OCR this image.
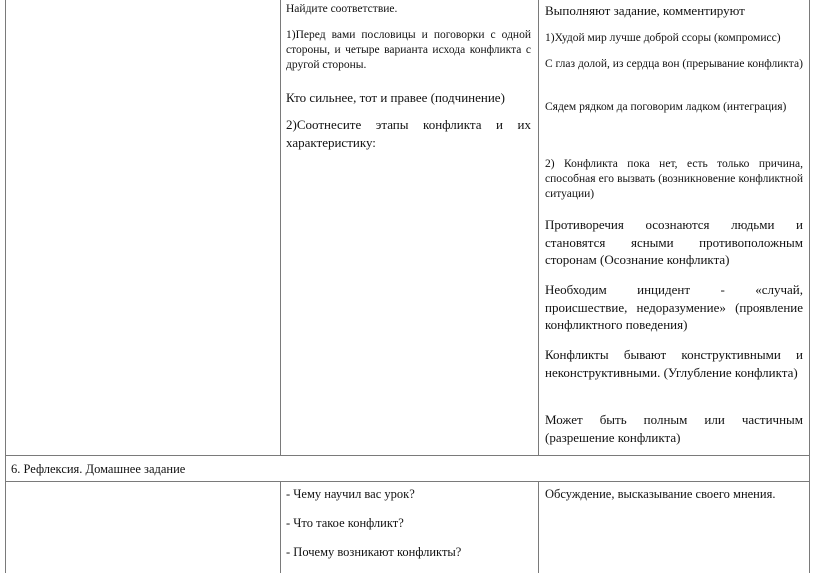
Найдите соответствие.
1)Перед вами пословицы и поговорки с одной стороны, и четыре варианта исхода конфликта с другой стороны.
Кто сильнее, тот и правее (подчинение)
2)Соотнесите этапы конфликта и их характеристику:
Выполняют задание, комментируют
1)Худой мир лучше доброй ссоры (компромисс)
С глаз долой, из сердца вон (прерывание конфликта)
Сядем рядком да поговорим ладком (интеграция)
2) Конфликта пока нет, есть только причина, способная его вызвать (возникновение конфликтной ситуации)
Противоречия осознаются людьми и становятся ясными противоположным сторонам (Осознание конфликта)
Необходим инцидент - «случай, происшествие, недоразумение» (проявление конфликтного поведения)
Конфликты бывают конструктивными и неконструктивными. (Углубление конфликта)
Может быть полным или частичным (разрешение конфликта)
6. Рефлексия. Домашнее задание
- Чему научил вас урок?
- Что такое конфликт?
- Почему возникают конфликты?
Обсуждение, высказывание своего мнения.
